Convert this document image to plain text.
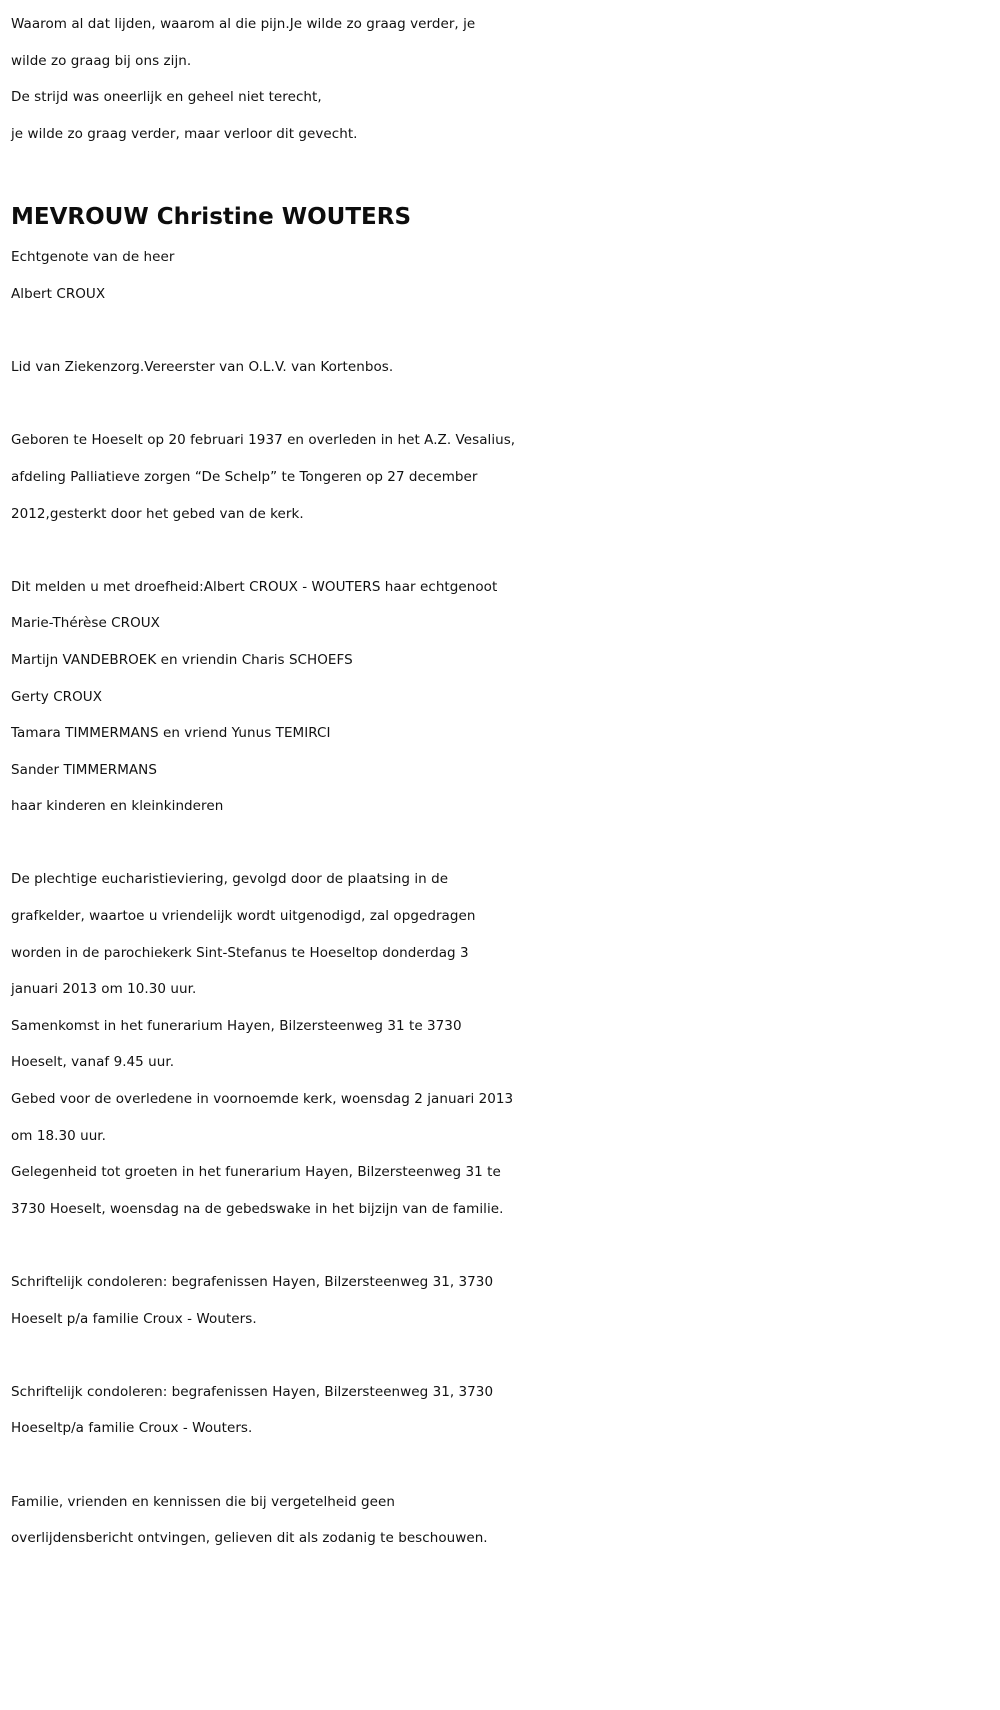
Waarom al dat lijden, waarom al die pijn.Je wilde zo graag verder, je
wilde zo graag bij ons zijn.
De strijd was oneerlijk en geheel niet terecht,
je wilde zo graag verder, maar verloor dit gevecht.
MEVROUW Christine WOUTERS
Echtgenote van de heer
Albert CROUX
Lid van Ziekenzorg.Vereerster van O.L.V. van Kortenbos.
Geboren te Hoeselt op 20 februari 1937 en overleden in het A.Z. Vesalius,
afdeling Palliatieve zorgen “De Schelp” te Tongeren op 27 december
2012,gesterkt door het gebed van de kerk.
Dit melden u met droefheid:Albert CROUX - WOUTERS haar echtgenoot
Marie-Thérèse CROUX
Martijn VANDEBROEK en vriendin Charis SCHOEFS
Gerty CROUX
Tamara TIMMERMANS en vriend Yunus TEMIRCI
Sander TIMMERMANS
haar kinderen en kleinkinderen
De plechtige eucharistieviering, gevolgd door de plaatsing in de
grafkelder, waartoe u vriendelijk wordt uitgenodigd, zal opgedragen
worden in de parochiekerk Sint-Stefanus te Hoeseltop donderdag 3
januari 2013 om 10.30 uur.
Samenkomst in het funerarium Hayen, Bilzersteenweg 31 te 3730
Hoeselt, vanaf 9.45 uur.
Gebed voor de overledene in voornoemde kerk, woensdag 2 januari 2013
om 18.30 uur.
Gelegenheid tot groeten in het funerarium Hayen, Bilzersteenweg 31 te
3730 Hoeselt, woensdag na de gebedswake in het bijzijn van de familie.
Schriftelijk condoleren: begrafenissen Hayen, Bilzersteenweg 31, 3730
Hoeselt p/a familie Croux - Wouters.
Schriftelijk condoleren: begrafenissen Hayen, Bilzersteenweg 31, 3730
Hoeseltp/a familie Croux - Wouters.
Familie, vrienden en kennissen die bij vergetelheid geen
overlijdensbericht ontvingen, gelieven dit als zodanig te beschouwen.
